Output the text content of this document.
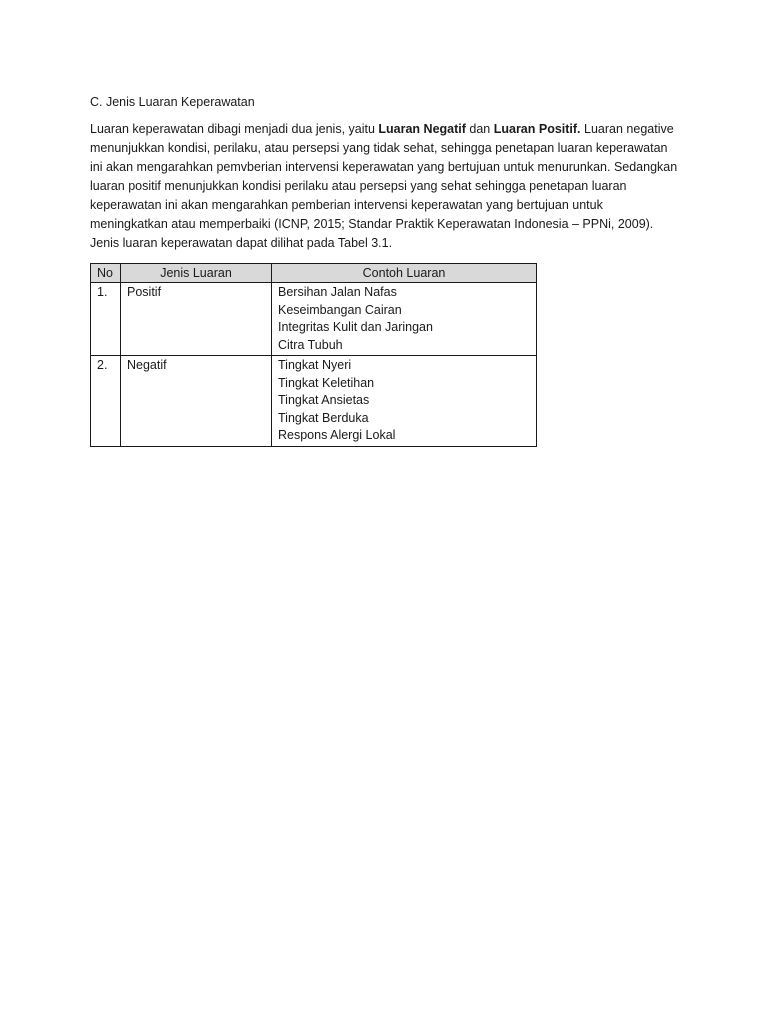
C. Jenis Luaran Keperawatan

Luaran keperawatan dibagi menjadi dua jenis, yaitu Luaran Negatif dan Luaran Positif. Luaran negative menunjukkan kondisi, perilaku, atau persepsi yang tidak sehat, sehingga penetapan luaran keperawatan ini akan mengarahkan pemvberian intervensi keperawatan yang bertujuan untuk menurunkan. Sedangkan luaran positif menunjukkan kondisi perilaku atau persepsi yang sehat sehingga penetapan luaran keperawatan ini akan mengarahkan pemberian intervensi keperawatan yang bertujuan untuk meningkatkan atau memperbaiki (ICNP, 2015; Standar Praktik Keperawatan Indonesia – PPNi, 2009). Jenis luaran keperawatan dapat dilihat pada Tabel 3.1.

No	Jenis Luaran	Contoh Luaran
1.	Positif	Bersihan Jalan Nafas
Keseimbangan Cairan
Integritas Kulit dan Jaringan
Citra Tubuh

2.	Negatif	Tingkat Nyeri
Tingkat Keletihan
Tingkat Ansietas
Tingkat Berduka
Respons Alergi Lokal
